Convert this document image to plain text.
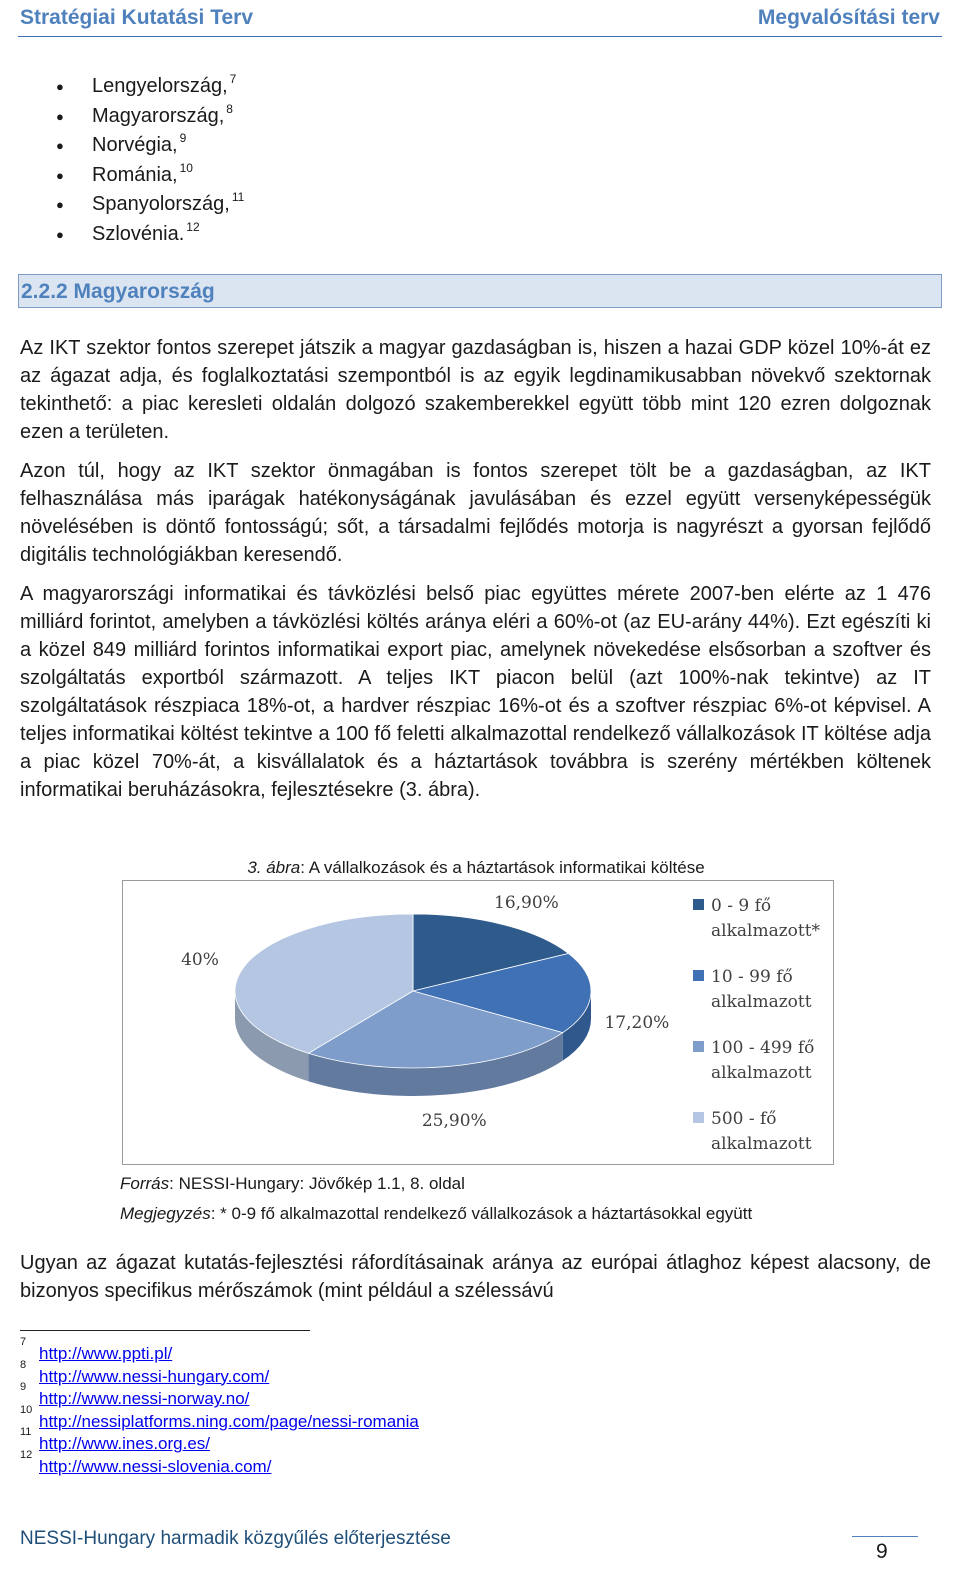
Stratégiai Kutatási Terv	Megvalósítási terv
● Lengyelország, $^7$
● Magyarország, $^8$
● Norvégia, $^9$
● Románia, $^{10}$
● Spanyolország, $^{11}$
● Szlovénia. $^{12}$
2.2.2 Magyarország

Az IKT szektor fontos szerepet játszik a magyar gazdaságban is, hiszen a hazai GDP közel 10%-át ez az ágazat adja, és foglalkoztatási szempontból is az egyik legdinamikusabban növekvő szektornak tekinthető: a piac keresleti oldalán dolgozó szakemberekkel együtt több mint 120 ezren dolgoznak ezen a területen.

Azon túl, hogy az IKT szektor önmagában is fontos szerepet tölt be a gazdaságban, az IKT felhasználása más iparágak hatékonyságának javulásában és ezzel együtt versenyképességük növelésében is döntő fontosságú; sőt, a társadalmi fejlődés motorja is nagyrészt a gyorsan fejlődő digitális technológiákban keresendő.

A magyarországi informatikai és távközlési belső piac együttes mérete 2007-ben elérte az 1 476 milliárd forintot, amelyben a távközlési költés aránya eléri a 60%-ot (az EU-arány 44%). Ezt egészíti ki a közel 849 milliárd forintos informatikai export piac, amelynek növekedése elsősorban a szoftver és szolgáltatás exportból származott. A teljes IKT piacon belül (azt 100%-nak tekintve) az IT szolgáltatások részpiaca 18%-ot, a hardver részpiac 16%-ot és a szoftver részpiac 6%-ot képvisel. A teljes informatikai költést tekintve a 100 fő feletti alkalmazottal rendelkező vállalkozások IT költése adja a piac közel 70%-át, a kisvállalatok és a háztartások továbbra is szerény mértékben költenek informatikai beruházásokra, fejlesztésekre (3. ábra).

3. ábra: A vállalkozások és a háztartások informatikai költése
16,90%
17,20%
25,90%
40%
0 - 9 fő
alkalmazott*
10 - 99 fő
alkalmazott
100 - 499 fő
alkalmazott
500 - fő
alkalmazott
Forrás: NESSI-Hungary: Jövőkép 1.1, 8. oldal
Megjegyzés: * 0-9 fő alkalmazottal rendelkező vállalkozások a háztartásokkal együtt

Ugyan az ágazat kutatás-fejlesztési ráfordításainak aránya az európai átlaghoz képest alacsony, de bizonyos specifikus mérőszámok (mint például a szélessávú

7
http://www.ppti.pl/
8
http://www.nessi-hungary.com/
9
http://www.nessi-norway.no/
10
http://nessiplatforms.ning.com/page/nessi-romania
11
http://www.ines.org.es/
12
http://www.nessi-slovenia.com/
NESSI-Hungary harmadik közgyűlés előterjesztése
9
